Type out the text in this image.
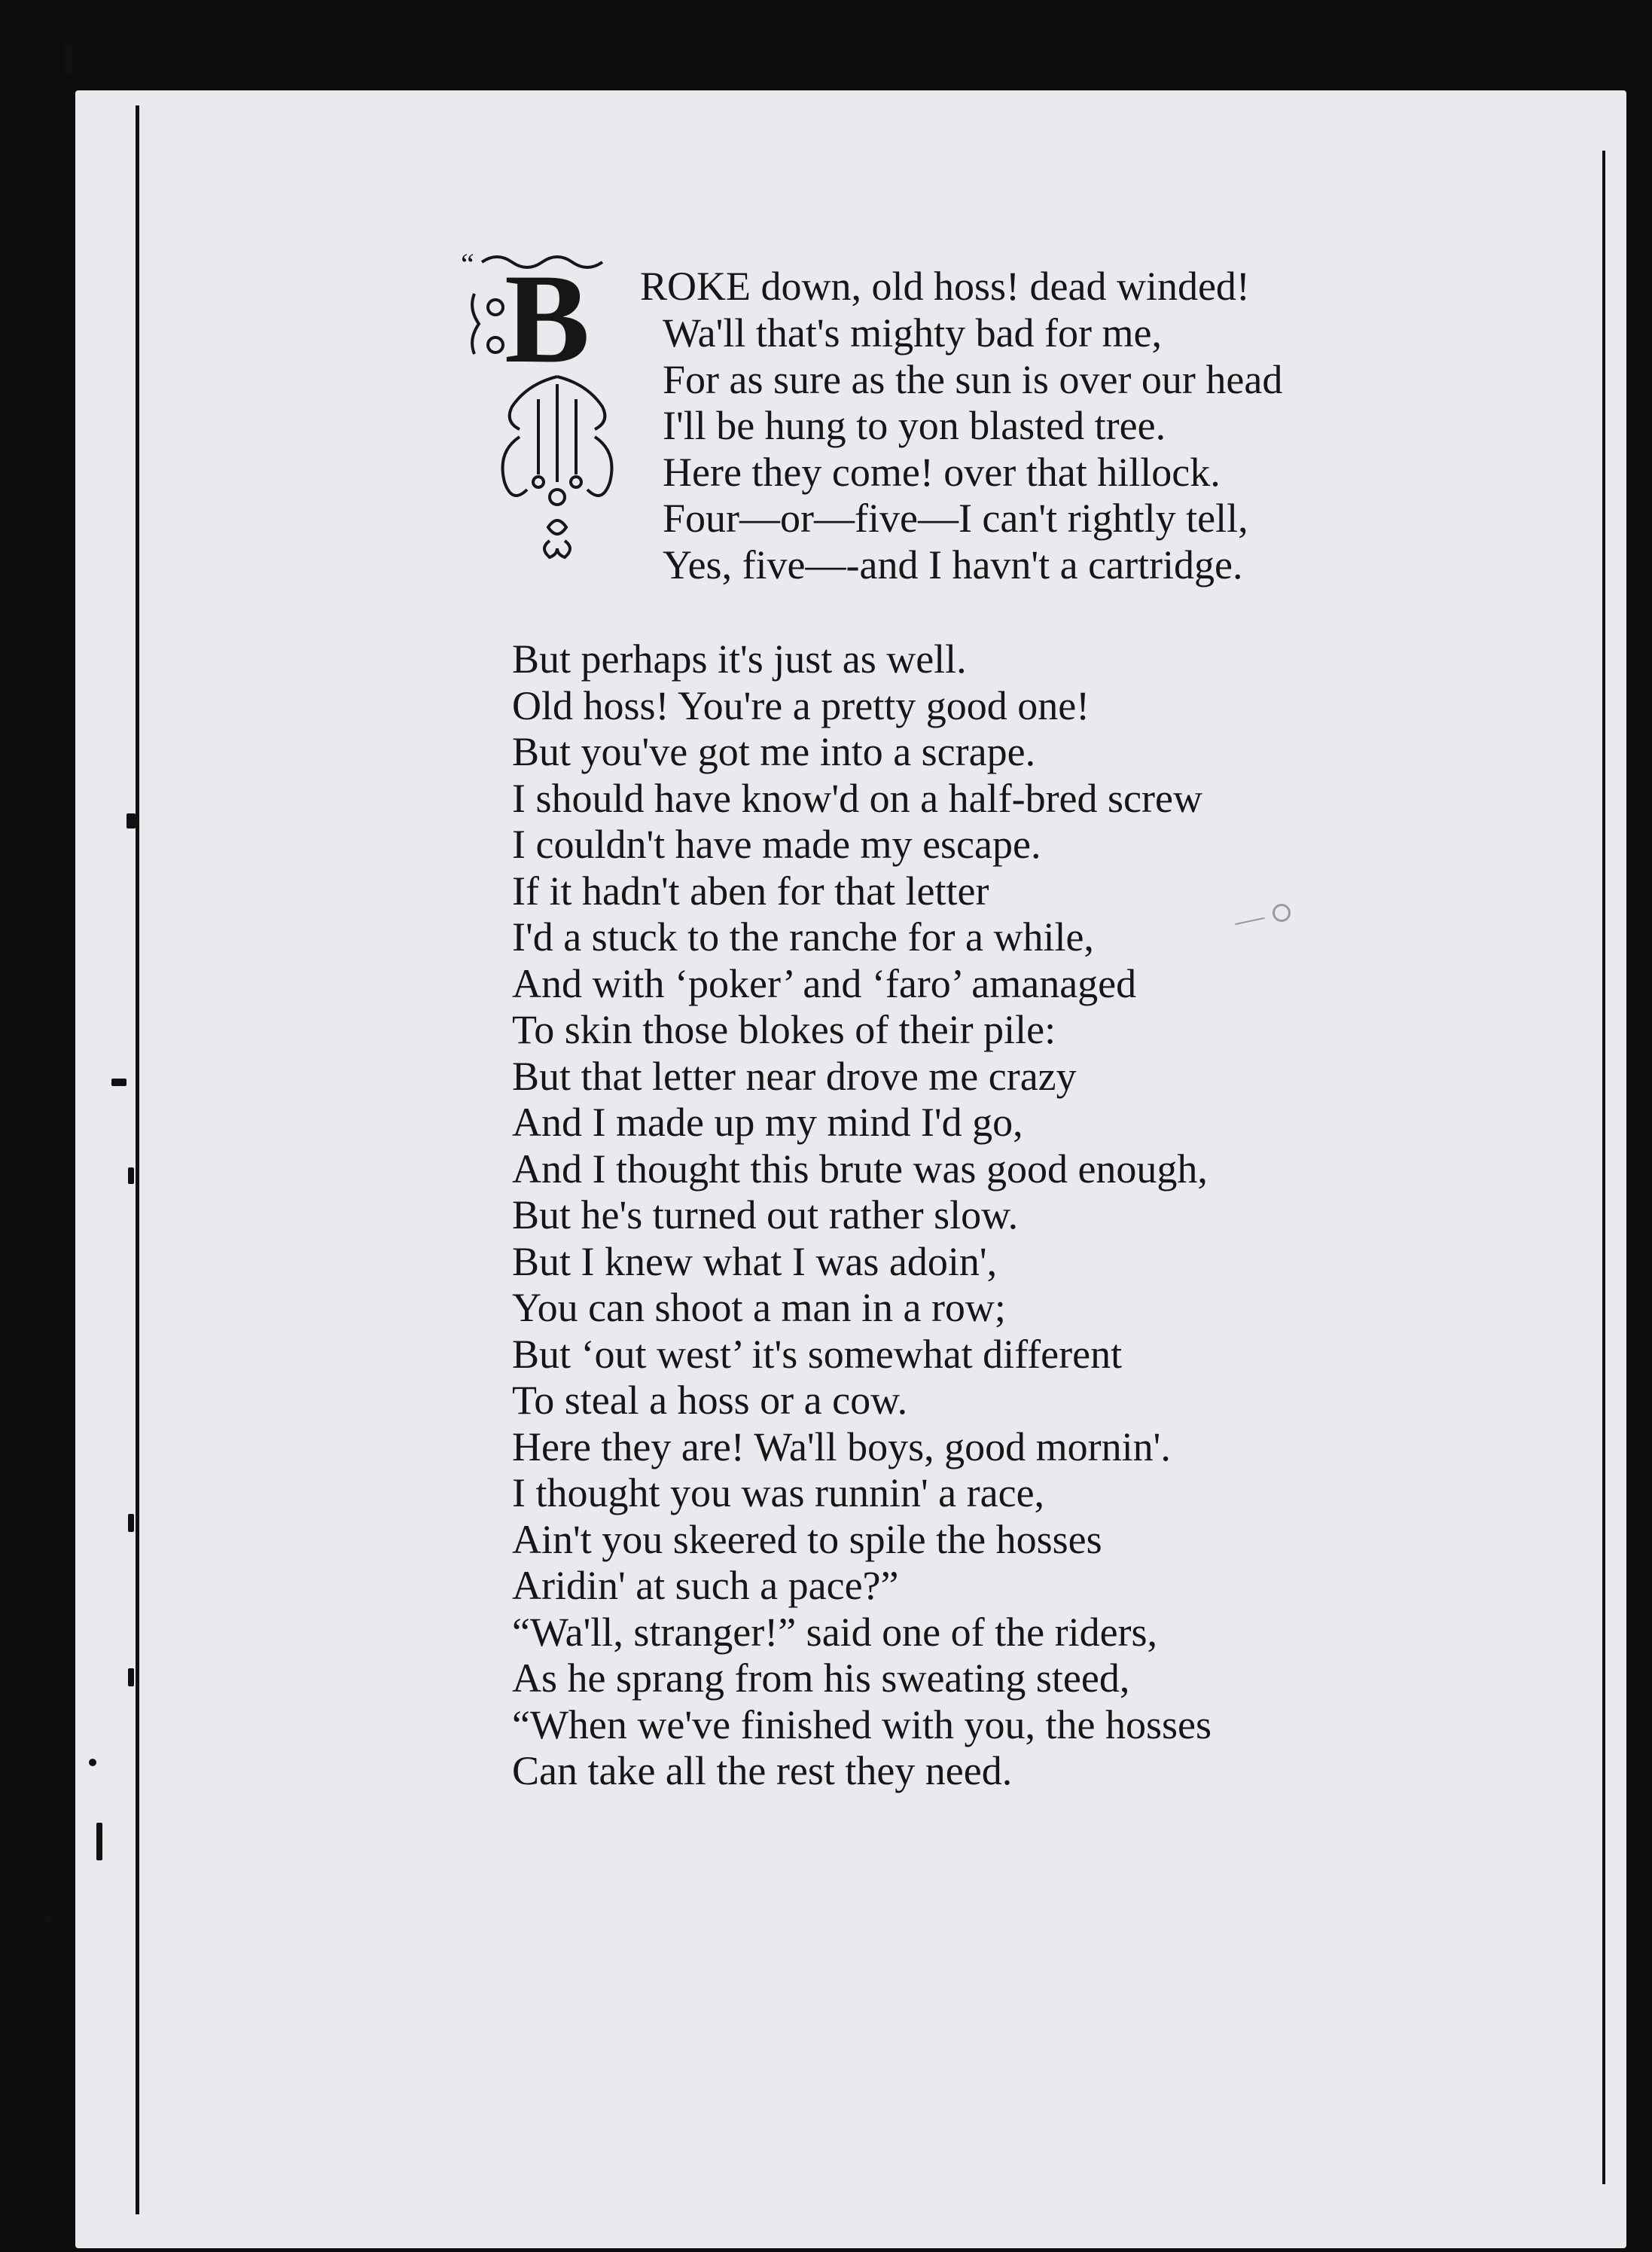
“ B ROKE down, old hoss! dead winded!
Wa'll that's mighty bad for me,
For as sure as the sun is over our head
I'll be hung to yon blasted tree.
Here they come! over that hillock.
Four—or—five—I can't rightly tell,
Yes, five—-and I havn't a cartridge.
But perhaps it's just as well.
Old hoss! You're a pretty good one!
But you've got me into a scrape.
I should have know'd on a half-bred screw
I couldn't have made my escape.
If it hadn't aben for that letter
I'd a stuck to the ranche for a while,
And with ‘poker’ and ‘faro’ amanaged
To skin those blokes of their pile:
But that letter near drove me crazy
And I made up my mind I'd go,
And I thought this brute was good enough,
But he's turned out rather slow.
But I knew what I was adoin',
You can shoot a man in a row;
But ‘out west’ it's somewhat different
To steal a hoss or a cow.
Here they are! Wa'll boys, good mornin'.
I thought you was runnin' a race,
Ain't you skeered to spile the hosses
Aridin' at such a pace?”
“Wa'll, stranger!” said one of the riders,
As he sprang from his sweating steed,
“When we've finished with you, the hosses
Can take all the rest they need.
